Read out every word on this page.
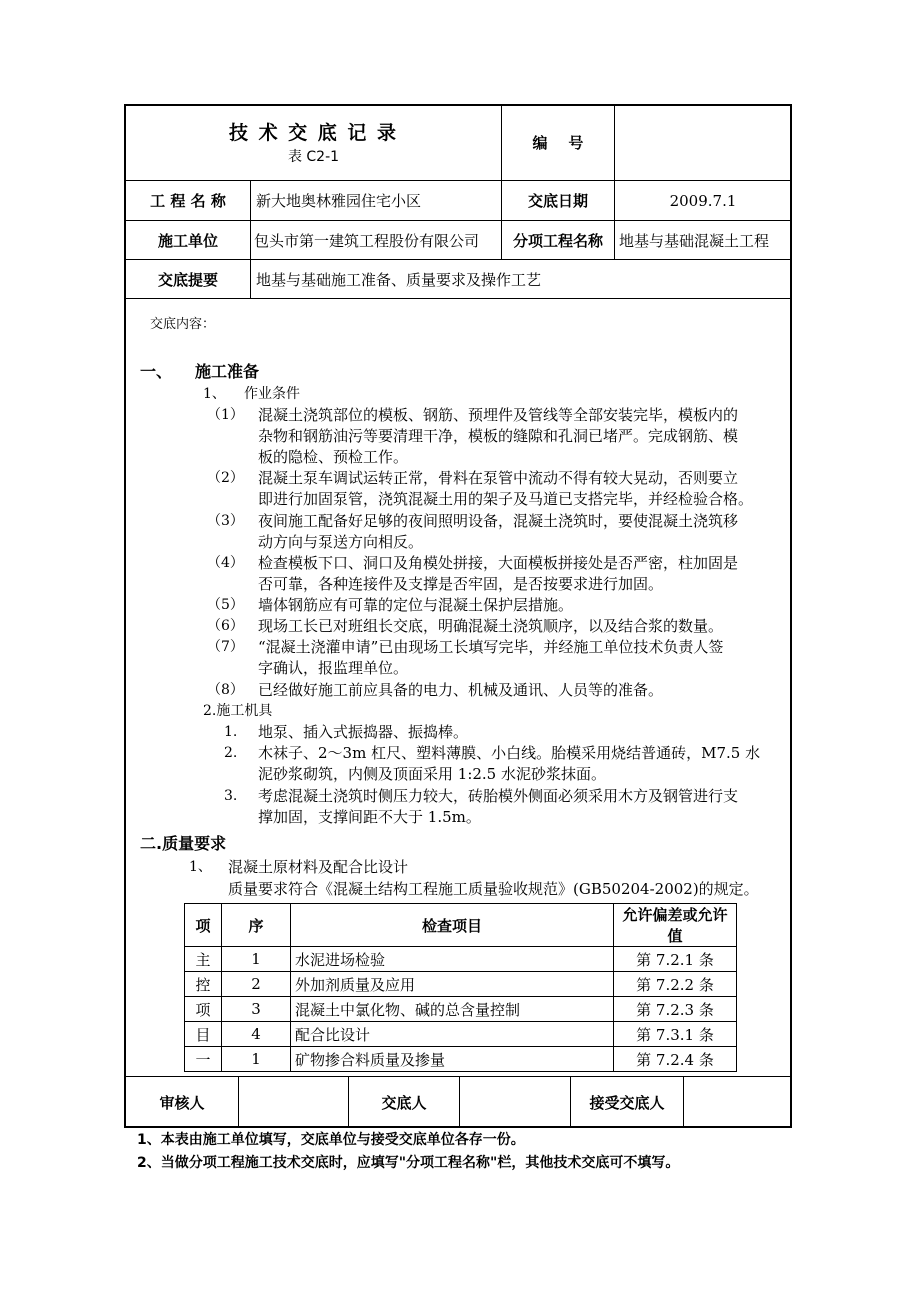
技 术 交 底 记 录
表 C2-1
编    号
工 程 名 称	新大地奥林雅园住宅小区	交底日期	2009.7.1
施工单位	包头市第一建筑工程股份有限公司	分项工程名称	地基与基础混凝土工程
交底提要	地基与基础施工准备、质量要求及操作工艺
交底内容：
一、 施工准备
1、 作业条件
（1） 混凝土浇筑部位的模板、钢筋、预埋件及管线等全部安装完毕，模板内的
杂物和钢筋油污等要清理干净，模板的缝隙和孔洞已堵严。完成钢筋、模
板的隐检、预检工作。
（2） 混凝土泵车调试运转正常，骨料在泵管中流动不得有较大晃动，否则要立
即进行加固泵管，浇筑混凝土用的架子及马道已支搭完毕，并经检验合格。
（3） 夜间施工配备好足够的夜间照明设备，混凝土浇筑时，要使混凝土浇筑移
动方向与泵送方向相反。
（4） 检查模板下口、洞口及角模处拼接，大面模板拼接处是否严密，柱加固是
否可靠，各种连接件及支撑是否牢固，是否按要求进行加固。
（5） 墙体钢筋应有可靠的定位与混凝土保护层措施。
（6） 现场工长已对班组长交底，明确混凝土浇筑顺序，以及结合浆的数量。
（7） “混凝土浇灌申请”已由现场工长填写完毕，并经施工单位技术负责人签
字确认，报监理单位。
（8） 已经做好施工前应具备的电力、机械及通讯、人员等的准备。
2.施工机具
1. 地泵、插入式振捣器、振捣棒。
2. 木袜子、2～3m 杠尺、塑料薄膜、小白线。胎模采用烧结普通砖，M7.5 水
泥砂浆砌筑，内侧及顶面采用 1:2.5 水泥砂浆抹面。
3. 考虑混凝土浇筑时侧压力较大，砖胎模外侧面必须采用木方及钢管进行支
撑加固，支撑间距不大于 1.5m。
二.质量要求
1、 混凝土原材料及配合比设计
质量要求符合《混凝土结构工程施工质量验收规范》(GB50204-2002)的规定。
项	序	检查项目	允许偏差或允许值
主	1	水泥进场检验	第 7.2.1 条
控	2	外加剂质量及应用	第 7.2.2 条
项	3	混凝土中氯化物、碱的总含量控制	第 7.2.3 条
目	4	配合比设计	第 7.3.1 条
一	1	矿物掺合料质量及掺量	第 7.2.4 条
审核人	交底人	接受交底人
1、本表由施工单位填写，交底单位与接受交底单位各存一份。
2、当做分项工程施工技术交底时，应填写"分项工程名称"栏，其他技术交底可不填写。
